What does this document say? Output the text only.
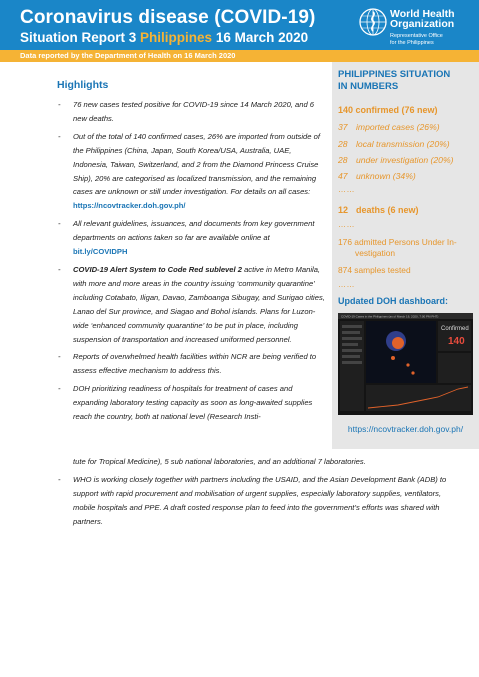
Coronavirus disease (COVID-19)
Situation Report 3 Philippines 16 March 2020
World Health
Organization
Representative Office
for the Philippines
Data reported by the Department of Health on 16 March 2020
Highlights
- 76 new cases tested positive for COVID-19 since 14 March 2020, and 6 new deaths.
- Out of the total of 140 confirmed cases, 26% are imported from outside of the Philippines (China, Japan, South Korea/USA, Australia, UAE, Indonesia, Taiwan, Switzerland, and 2 from the Diamond Princess Cruise Ship), 20% are categorised as localized transmission, and the remaining cases are unknown or still under investigation. For details on all cases: https://ncovtracker.doh.gov.ph/
- All relevant guidelines, issuances, and documents from key government departments on actions taken so far are available online at bit.ly/COVIDPH
- COVID-19 Alert System to Code Red sublevel 2 active in Metro Manila, with more and more areas in the country issuing ‘community quarantine’ including Cotabato, Iligan, Davao, Zamboanga Sibugay, and Surigao cities, Lanao del Sur province, and Siagao and Bohol islands. Plans for Luzon-wide ‘enhanced community quarantine’ to be put in place, including suspension of transportation and increased uniformed personnel.
- Reports of overwhelmed health facilities within NCR are being verified to assess effective mechanism to address this.
- DOH prioritizing readiness of hospitals for treatment of cases and expanding laboratory testing capacity as soon as long-awaited supplies reach the country, both at national level (Research Insti-
tute for Tropical Medicine), 5 sub national laboratories, and an additional 7 laboratories.
- WHO is working closely together with partners including the USAID, and the Asian Development Bank (ADB) to support with rapid procurement and mobilisation of urgent supplies, especially laboratory supplies, ventilators, mobile hospitals and PPE. A draft costed response plan to feed into the government’s efforts was shared with partners.
PHILIPPINES SITUATION
IN NUMBERS
140 confirmed (76 new)
37 imported cases (26%)
28 local transmission (20%)
28 under investigation (20%)
47 unknown (34%)
……
12 deaths (6 new)
……
176 admitted Persons Under In-
vestigation
874 samples tested
……
Updated DOH dashboard:
COVID-19 Cases in the Philippines (as of March 16, 2020, 7:00 PM PHT)
Confirmed
140
https://ncovtracker.doh.gov.ph/
